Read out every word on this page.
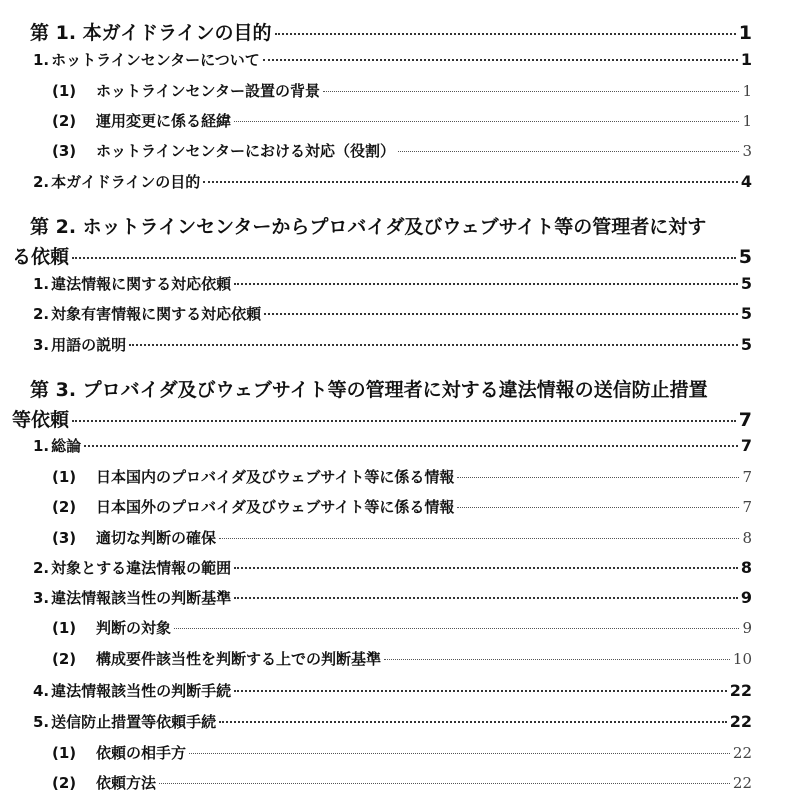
第 1. 本ガイドラインの目的	1
1. ホットラインセンターについて	1
(1)	ホットラインセンター設置の背景	1
(2)	運用変更に係る経緯	1
(3)	ホットラインセンターにおける対応（役割）	3
2. 本ガイドラインの目的	4
第 2. ホットラインセンターからプロバイダ及びウェブサイト等の管理者に対す
る依頼	5
1. 違法情報に関する対応依頼	5
2. 対象有害情報に関する対応依頼	5
3. 用語の説明	5
第 3. プロバイダ及びウェブサイト等の管理者に対する違法情報の送信防止措置
等依頼	7
1. 総論	7
(1)	日本国内のプロバイダ及びウェブサイト等に係る情報	7
(2)	日本国外のプロバイダ及びウェブサイト等に係る情報	7
(3)	適切な判断の確保	8
2. 対象とする違法情報の範囲	8
3. 違法情報該当性の判断基準	9
(1)	判断の対象	9
(2)	構成要件該当性を判断する上での判断基準	10
4. 違法情報該当性の判断手続	22
5. 送信防止措置等依頼手続	22
(1)	依頼の相手方	22
(2)	依頼方法	22
